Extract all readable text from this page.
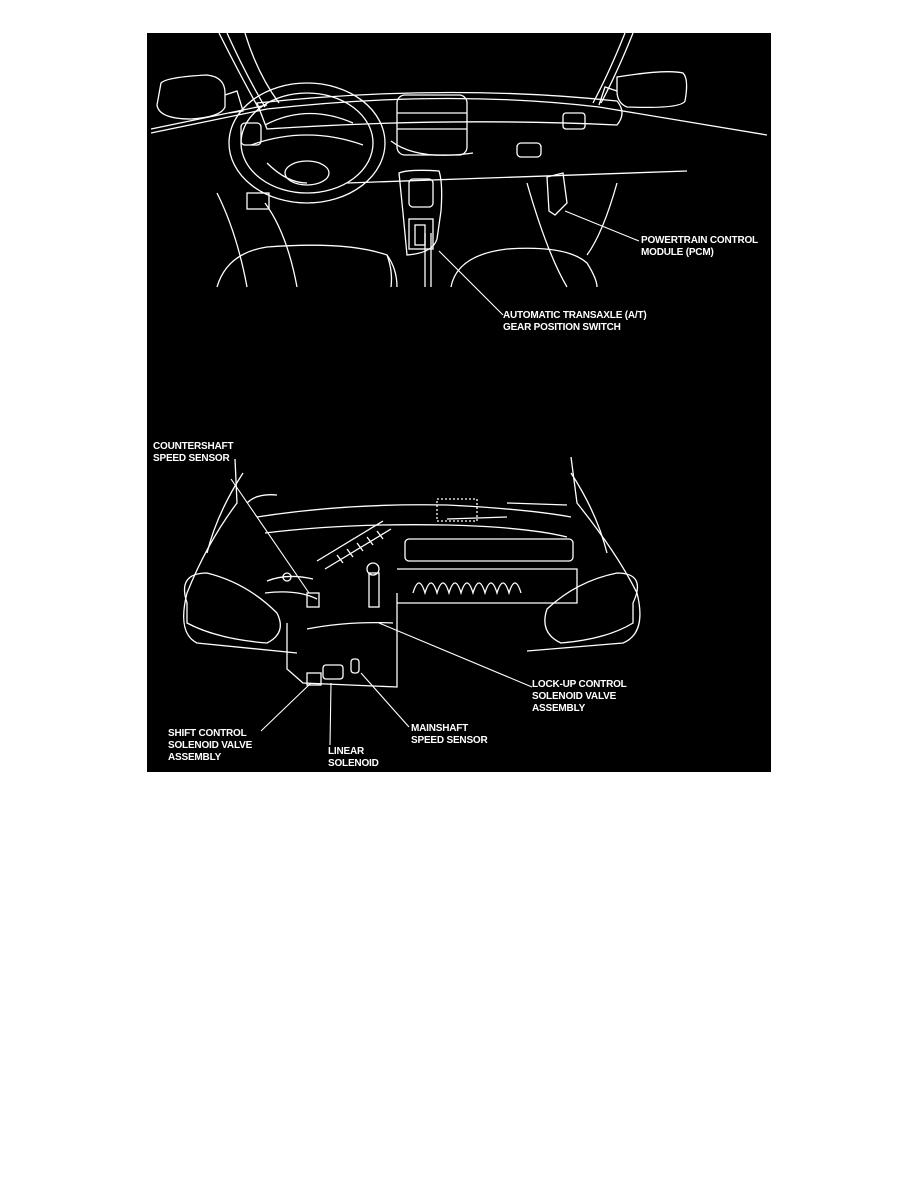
POWERTRAIN CONTROL
MODULE (PCM)
AUTOMATIC TRANSAXLE (A/T)
GEAR POSITION SWITCH
COUNTERSHAFT
SPEED SENSOR
LOCK-UP CONTROL
SOLENOID VALVE
ASSEMBLY
SHIFT CONTROL
SOLENOID VALVE
ASSEMBLY
LINEAR
SOLENOID
MAINSHAFT
SPEED SENSOR
